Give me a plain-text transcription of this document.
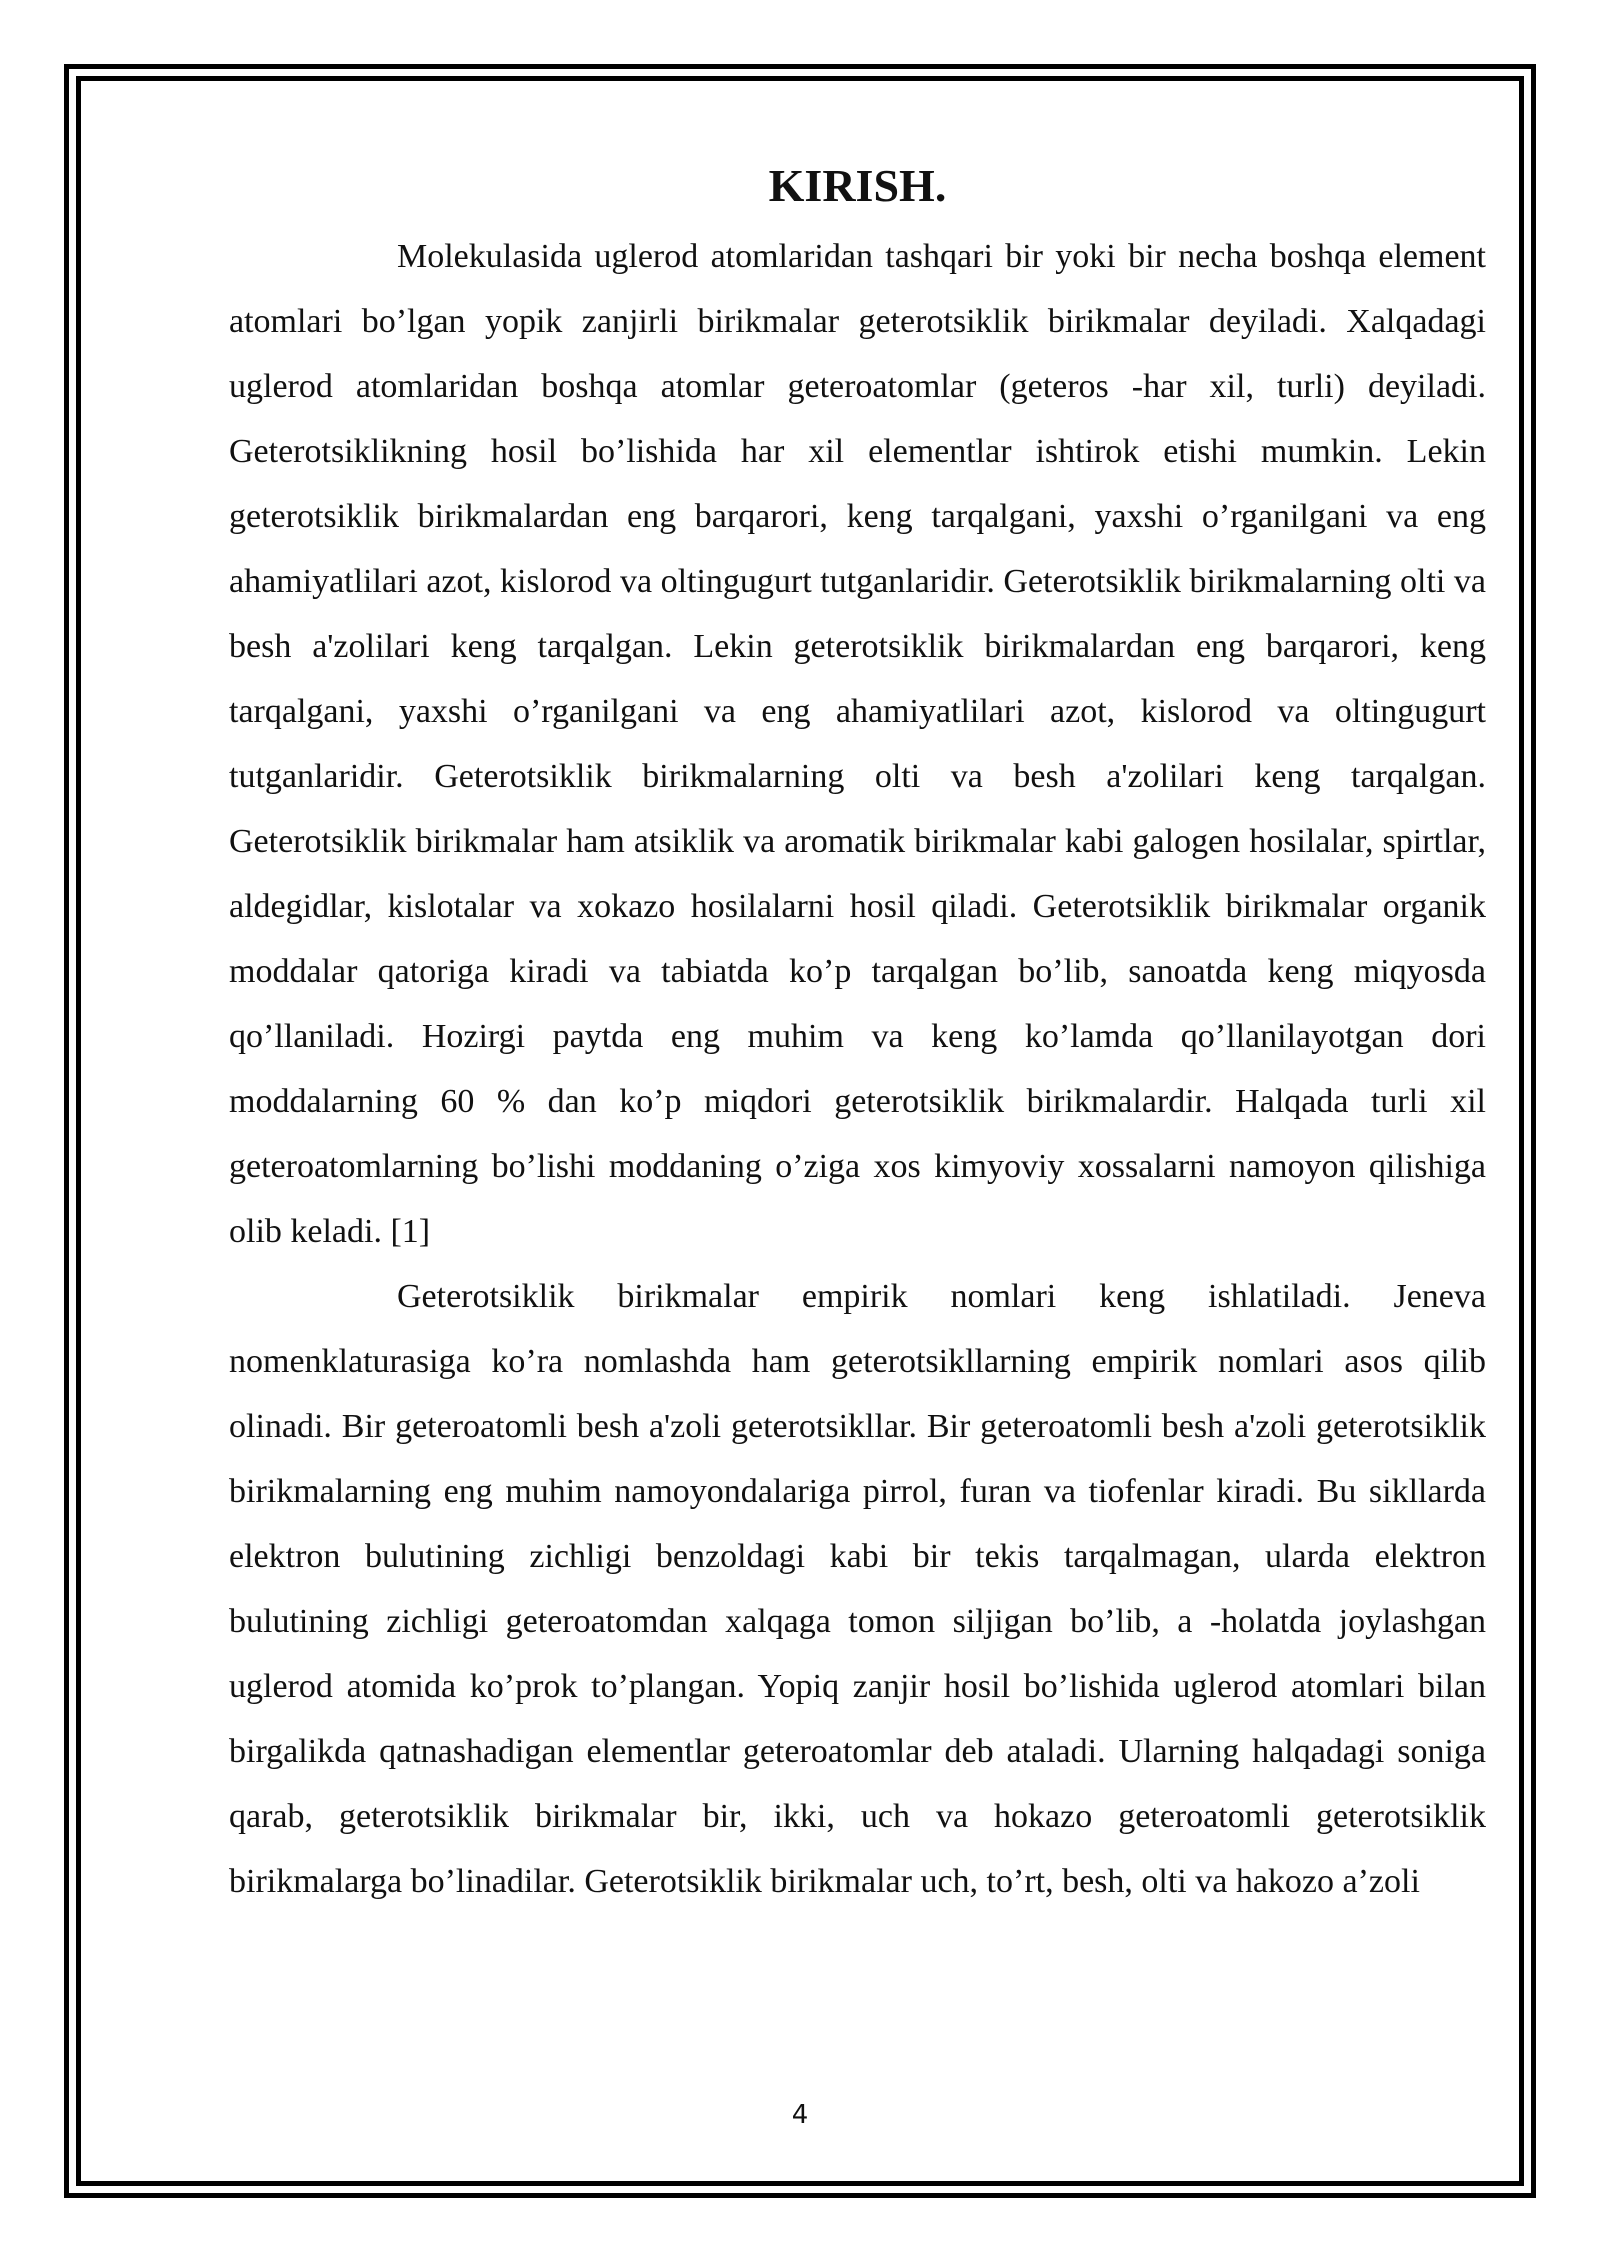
KIRISH.

Molekulasida uglerod atomlaridan tashqari bir yoki bir necha boshqa element atomlari bo’lgan yopik zanjirli birikmalar geterotsiklik birikmalar deyiladi. Xalqadagi uglerod atomlaridan boshqa atomlar geteroatomlar (geteros -har xil, turli) deyiladi. Geterotsiklikning hosil bo’lishida har xil elementlar ishtirok etishi mumkin. Lekin geterotsiklik birikmalardan eng barqarori, keng tarqalgani, yaxshi o’rganilgani va eng ahamiyatlilari azot, kislorod va oltingugurt tutganlaridir. Geterotsiklik birikmalarning olti va besh a'zolilari keng tarqalgan. Lekin geterotsiklik birikmalardan eng barqarori, keng tarqalgani, yaxshi o’rganilgani va eng ahamiyatlilari azot, kislorod va oltingugurt tutganlaridir. Geterotsiklik birikmalarning olti va besh a'zolilari keng tarqalgan. Geterotsiklik birikmalar ham atsiklik va aromatik birikmalar kabi galogen hosilalar, spirtlar, aldegidlar, kislotalar va xokazo hosilalarni hosil qiladi. Geterotsiklik birikmalar organik moddalar qatoriga kiradi va tabiatda ko’p tarqalgan bo’lib, sanoatda keng miqyosda qo’llaniladi. Hozirgi paytda eng muhim va keng ko’lamda qo’llanilayotgan dori moddalarning 60 % dan ko’p miqdori geterotsiklik birikmalardir. Halqada turli xil geteroatomlarning bo’lishi moddaning o’ziga xos kimyoviy xossalarni namoyon qilishiga olib keladi. [1]

Geterotsiklik birikmalar empirik nomlari keng ishlatiladi. Jeneva nomenklaturasiga ko’ra nomlashda ham geterotsikllarning empirik nomlari asos qilib olinadi. Bir geteroatomli besh a'zoli geterotsikllar. Bir geteroatomli besh a'zoli geterotsiklik birikmalarning eng muhim namoyondalariga pirrol, furan va tiofenlar kiradi. Bu sikllarda elektron bulutining zichligi benzoldagi kabi bir tekis tarqalmagan, ularda elektron bulutining zichligi geteroatomdan xalqaga tomon siljigan bo’lib, a -holatda joylashgan uglerod atomida ko’prok to’plangan. Yopiq zanjir hosil bo’lishida uglerod atomlari bilan birgalikda qatnashadigan elementlar geteroatomlar deb ataladi. Ularning halqadagi soniga qarab, geterotsiklik birikmalar bir, ikki, uch va hokazo geteroatomli geterotsiklik birikmalarga bo’linadilar. Geterotsiklik birikmalar uch, to’rt, besh, olti va hakozo a’zoli

4
